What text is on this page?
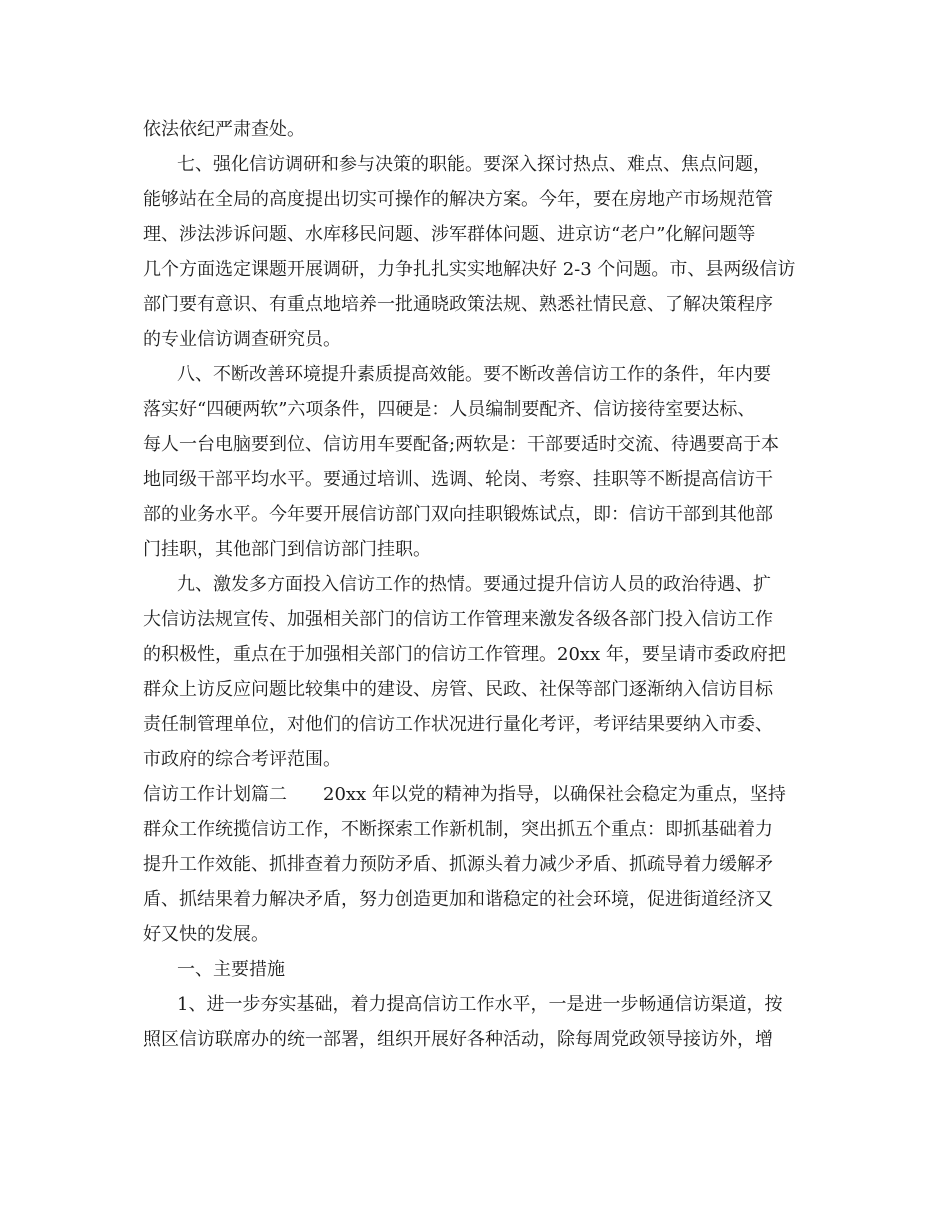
依法依纪严肃查处。
七、强化信访调研和参与决策的职能。要深入探讨热点、难点、焦点问题，
能够站在全局的高度提出切实可操作的解决方案。今年，要在房地产市场规范管
理、涉法涉诉问题、水库移民问题、涉军群体问题、进京访“老户”化解问题等
几个方面选定课题开展调研，力争扎扎实实地解决好 2-3 个问题。市、县两级信访
部门要有意识、有重点地培养一批通晓政策法规、熟悉社情民意、了解决策程序
的专业信访调查研究员。
八、不断改善环境提升素质提高效能。要不断改善信访工作的条件，年内要
落实好“四硬两软”六项条件，四硬是：人员编制要配齐、信访接待室要达标、
每人一台电脑要到位、信访用车要配备;两软是：干部要适时交流、待遇要高于本
地同级干部平均水平。要通过培训、选调、轮岗、考察、挂职等不断提高信访干
部的业务水平。今年要开展信访部门双向挂职锻炼试点，即：信访干部到其他部
门挂职，其他部门到信访部门挂职。
九、激发多方面投入信访工作的热情。要通过提升信访人员的政治待遇、扩
大信访法规宣传、加强相关部门的信访工作管理来激发各级各部门投入信访工作
的积极性，重点在于加强相关部门的信访工作管理。20xx 年，要呈请市委政府把
群众上访反应问题比较集中的建设、房管、民政、社保等部门逐渐纳入信访目标
责任制管理单位，对他们的信访工作状况进行量化考评，考评结果要纳入市委、
市政府的综合考评范围。
信访工作计划篇二 20xx 年以党的精神为指导，以确保社会稳定为重点，坚持
群众工作统揽信访工作，不断探索工作新机制，突出抓五个重点：即抓基础着力
提升工作效能、抓排查着力预防矛盾、抓源头着力减少矛盾、抓疏导着力缓解矛
盾、抓结果着力解决矛盾，努力创造更加和谐稳定的社会环境，促进街道经济又
好又快的发展。
一、主要措施
1、进一步夯实基础，着力提高信访工作水平，一是进一步畅通信访渠道，按
照区信访联席办的统一部署，组织开展好各种活动，除每周党政领导接访外，增
